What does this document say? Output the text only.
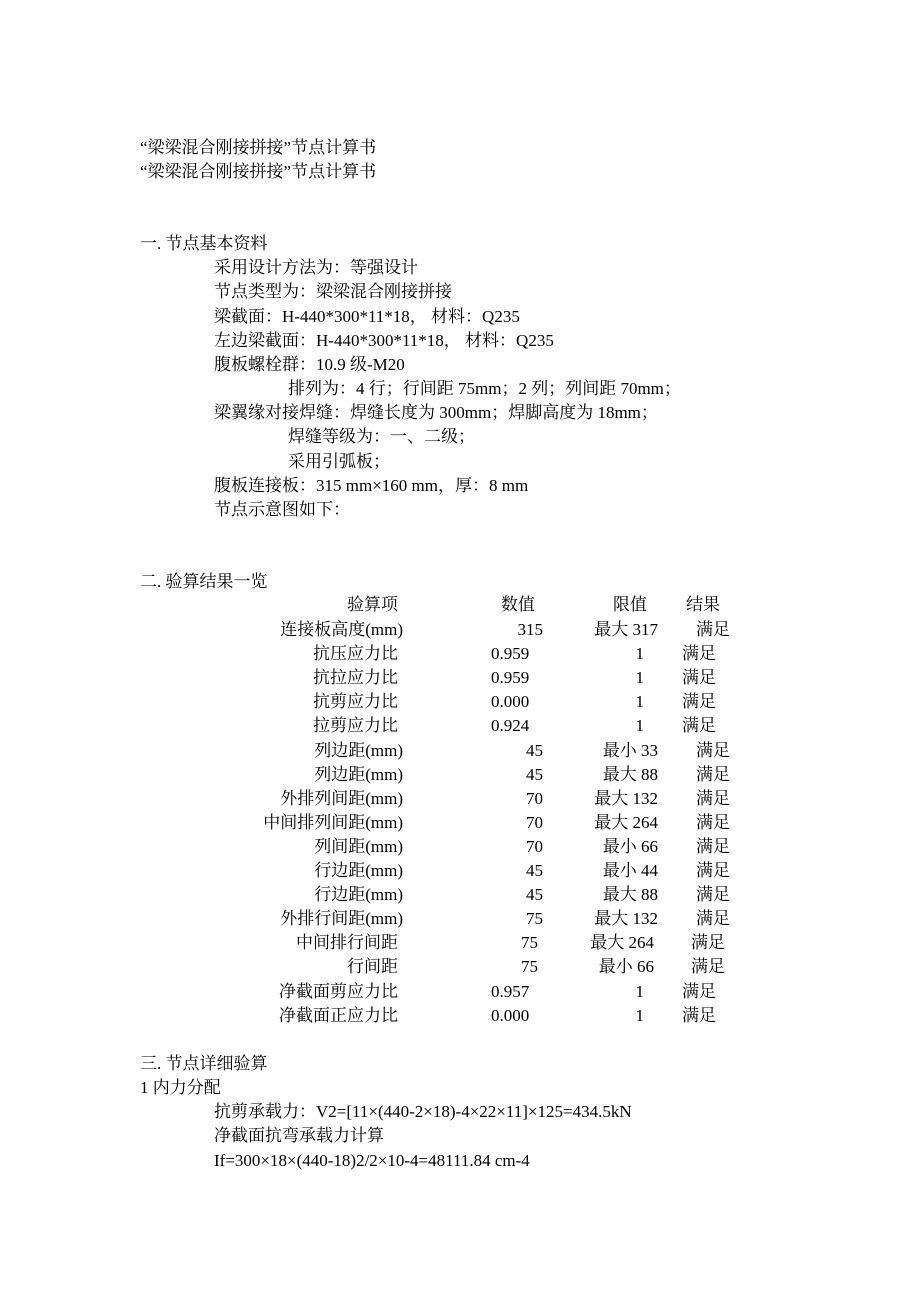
“梁梁混合刚接拼接”节点计算书
“梁梁混合刚接拼接”节点计算书
一. 节点基本资料
采用设计方法为：等强设计
节点类型为：梁梁混合刚接拼接
梁截面：H-440*300*11*18， 材料：Q235
左边梁截面：H-440*300*11*18， 材料：Q235
腹板螺栓群：10.9 级-M20
排列为：4 行；行间距 75mm；2 列；列间距 70mm；
梁翼缘对接焊缝：焊缝长度为 300mm；焊脚高度为 18mm；
焊缝等级为：一、二级；
采用引弧板；
腹板连接板：315 mm×160 mm，厚：8 mm
节点示意图如下：
二. 验算结果一览
验算项	数值	限值 结果
连接板高度(mm)	315	最大 317 满足
抗压应力比	0.959	1 满足
抗拉应力比	0.959	1 满足
抗剪应力比	0.000	1 满足
拉剪应力比	0.924	1 满足
列边距(mm)	45	最小 33 满足
列边距(mm)	45	最大 88 满足
外排列间距(mm)	70	最大 132 满足
中间排列间距(mm)	70	最大 264 满足
列间距(mm)	70	最小 66 满足
行边距(mm)	45	最小 44 满足
行边距(mm)	45	最大 88 满足
外排行间距(mm)	75	最大 132 满足
中间排行间距	75	最大 264 满足
行间距	75	最小 66 满足
净截面剪应力比	0.957	1 满足
净截面正应力比	0.000	1 满足
三. 节点详细验算
1 内力分配
抗剪承载力：V2=[11×(440-2×18)-4×22×11]×125=434.5kN
净截面抗弯承载力计算
If=300×18×(440-18)2/2×10-4=48111.84 cm-4
